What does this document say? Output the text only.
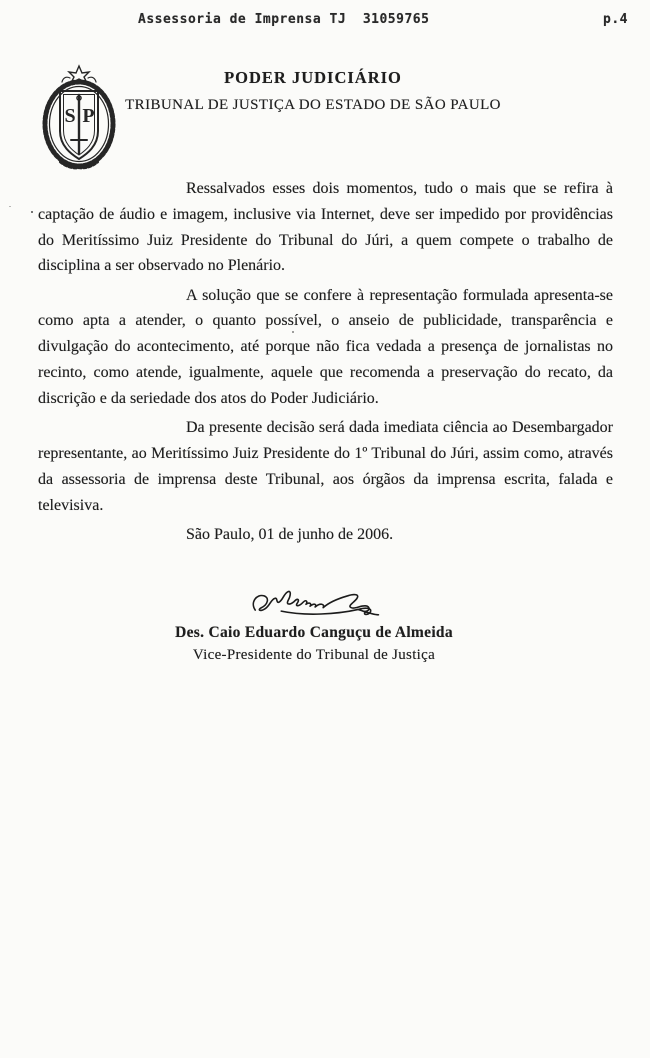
Assessoria de Imprensa TJ  31059765

	p.4

S P
PODER JUDICIÁRIO
TRIBUNAL DE JUSTIÇA DO ESTADO DE SÃO PAULO

Ressalvados esses dois momentos, tudo o mais que se refira à captação de áudio e imagem, inclusive via Internet, deve ser impedido por providências do Meritíssimo Juiz Presidente do Tribunal do Júri, a quem compete o trabalho de disciplina a ser observado no Plenário.

A solução que se confere à representação formulada apresenta-se como apta a atender, o quanto possível, o anseio de publicidade, transparência e divulgação do acontecimento, até porque não fica vedada a presença de jornalistas no recinto, como atende, igualmente, aquele que recomenda a preservação do recato, da discrição e da seriedade dos atos do Poder Judiciário.

Da presente decisão será dada imediata ciência ao Desembargador representante, ao Meritíssimo Juiz Presidente do 1º Tribunal do Júri, assim como, através da assessoria de imprensa deste Tribunal, aos órgãos da imprensa escrita, falada e televisiva.

São Paulo, 01 de junho de 2006.

Des. Caio Eduardo Canguçu de Almeida
Vice-Presidente do Tribunal de Justiça
